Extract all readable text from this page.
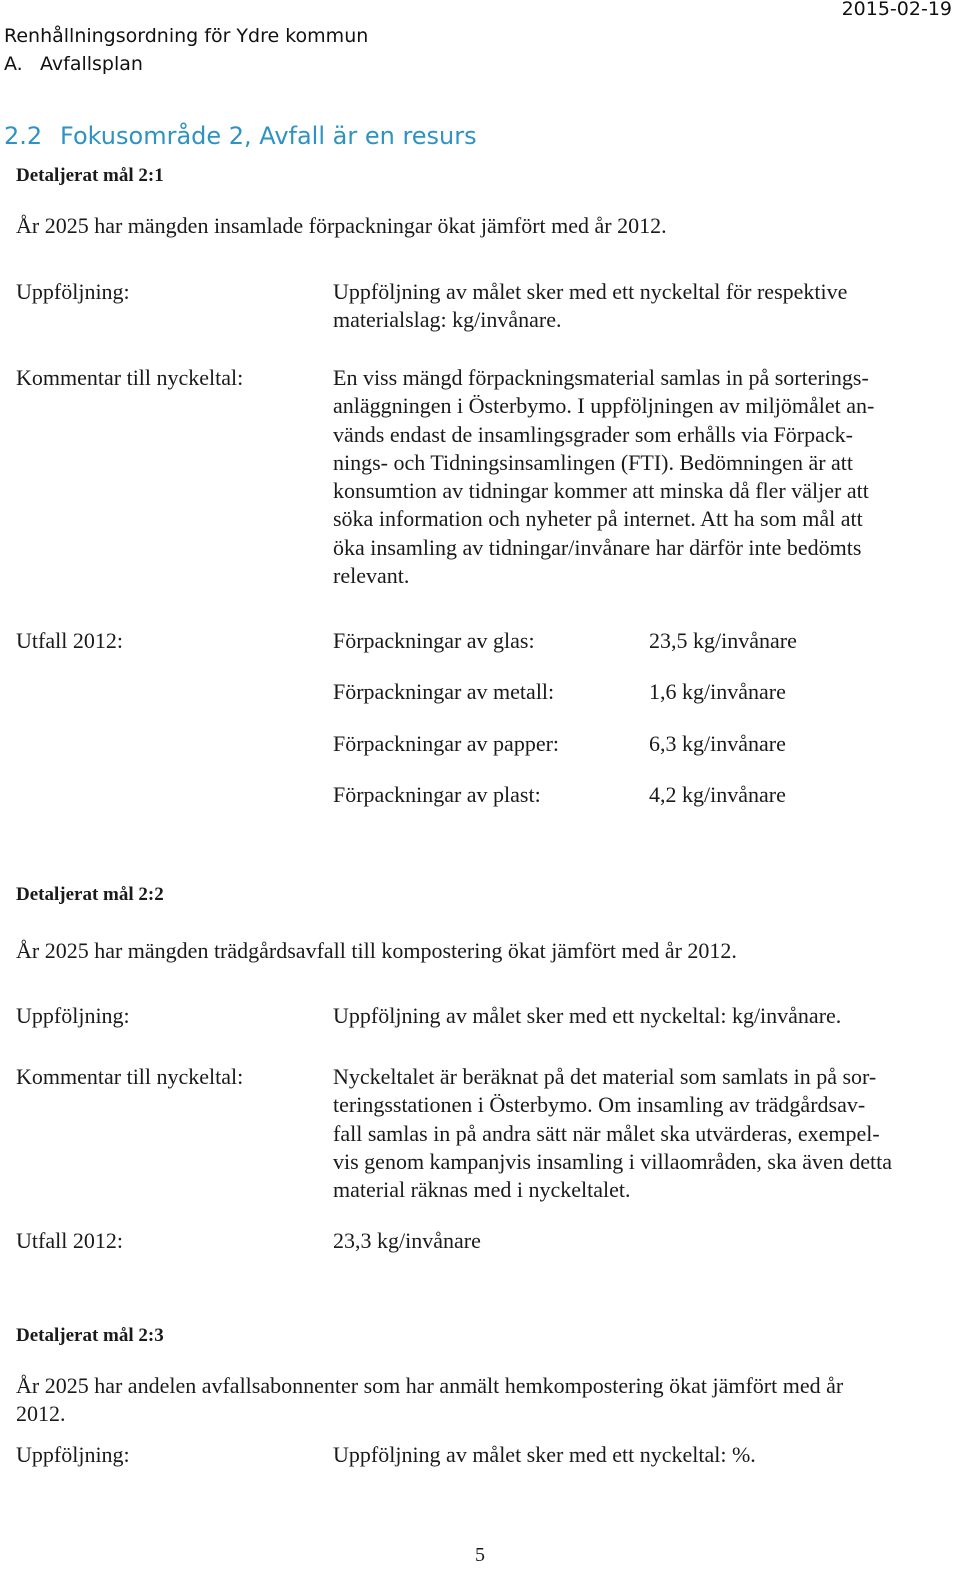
Renhållningsordning för Ydre kommun
2015-02-19
A. Avfallsplan
2.2 Fokusområde 2, Avfall är en resurs
Detaljerat mål 2:1
År 2025 har mängden insamlade förpackningar ökat jämfört med år 2012.
Uppföljning:	Uppföljning av målet sker med ett nyckeltal för respektive
materialslag: kg/invånare.
Kommentar till nyckeltal:	En viss mängd förpackningsmaterial samlas in på sorterings-
anläggningen i Österbymo. I uppföljningen av miljömålet an-
vänds endast de insamlingsgrader som erhålls via Förpack-
nings- och Tidningsinsamlingen (FTI). Bedömningen är att
konsumtion av tidningar kommer att minska då fler väljer att
söka information och nyheter på internet. Att ha som mål att
öka insamling av tidningar/invånare har därför inte bedömts
relevant.
Utfall 2012:	Förpackningar av glas:	23,5 kg/invånare
Förpackningar av metall:	1,6 kg/invånare
Förpackningar av papper:	6,3 kg/invånare
Förpackningar av plast:	4,2 kg/invånare
Detaljerat mål 2:2
År 2025 har mängden trädgårdsavfall till kompostering ökat jämfört med år 2012.
Uppföljning:	Uppföljning av målet sker med ett nyckeltal: kg/invånare.
Kommentar till nyckeltal:	Nyckeltalet är beräknat på det material som samlats in på sor-
teringsstationen i Österbymo. Om insamling av trädgårdsav-
fall samlas in på andra sätt när målet ska utvärderas, exempel-
vis genom kampanjvis insamling i villaområden, ska även detta
material räknas med i nyckeltalet.
Utfall 2012:	23,3 kg/invånare
Detaljerat mål 2:3
År 2025 har andelen avfallsabonnenter som har anmält hemkompostering ökat jämfört med år
2012.
Uppföljning:	Uppföljning av målet sker med ett nyckeltal: %.
5
